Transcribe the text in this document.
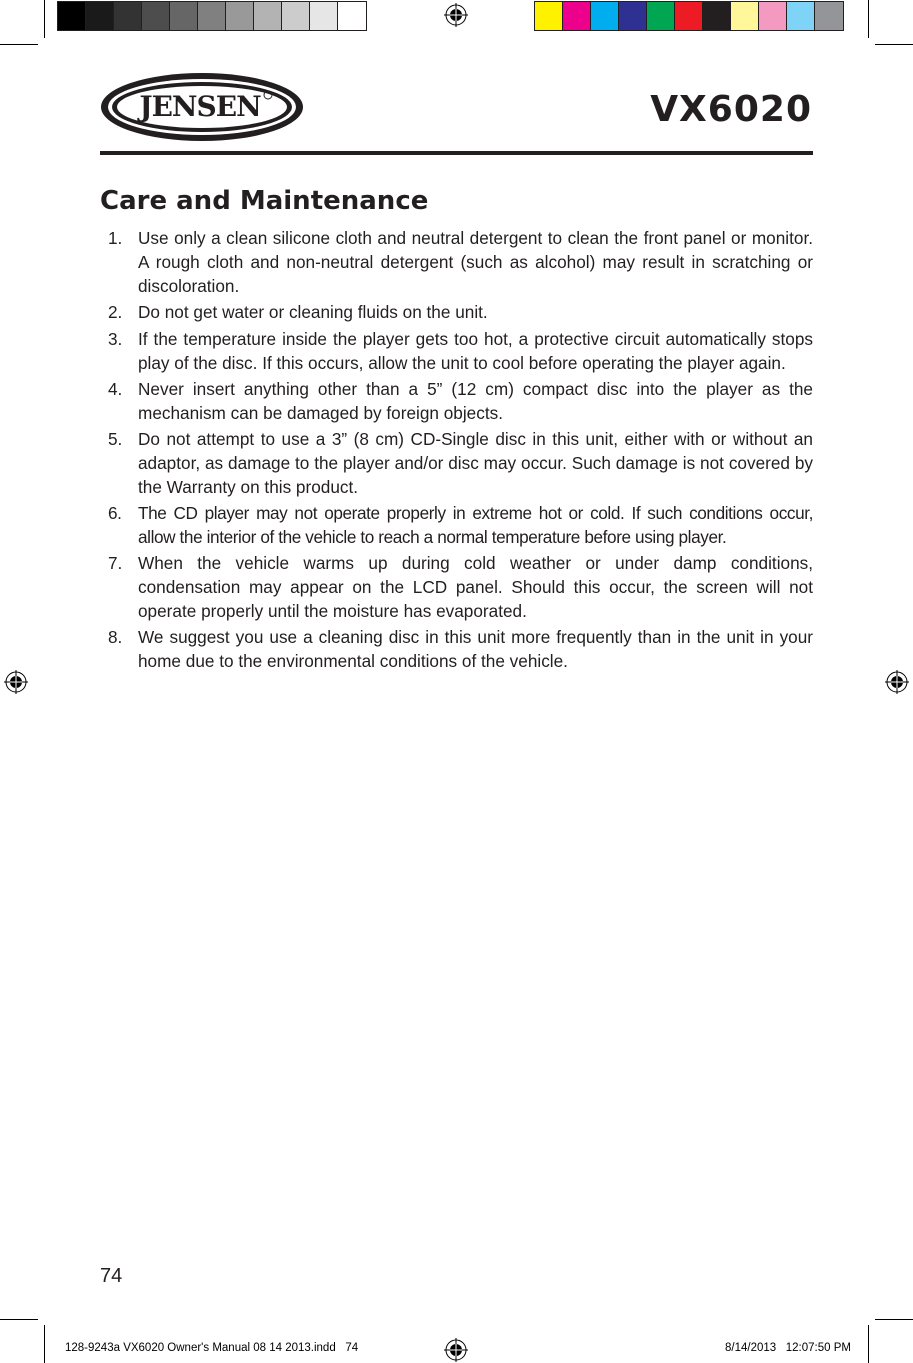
JENSEN	VX6020
Care and Maintenance
1. Use only a clean silicone cloth and neutral detergent to clean the front panel or monitor. A rough cloth and non-neutral detergent (such as alcohol) may result in scratching or discoloration.
2. Do not get water or cleaning fluids on the unit.
3. If the temperature inside the player gets too hot, a protective circuit automatically stops play of the disc. If this occurs, allow the unit to cool before operating the player again.
4. Never insert anything other than a 5” (12 cm) compact disc into the player as the mechanism can be damaged by foreign objects.
5. Do not attempt to use a 3” (8 cm) CD-Single disc in this unit, either with or without an adaptor, as damage to the player and/or disc may occur. Such damage is not covered by the Warranty on this product.
6. The CD player may not operate properly in extreme hot or cold. If such conditions occur, allow the interior of the vehicle to reach a normal temperature before using player.
7. When the vehicle warms up during cold weather or under damp conditions, condensation may appear on the LCD panel. Should this occur, the screen will not operate properly until the moisture has evaporated.
8. We suggest you use a cleaning disc in this unit more frequently than in the unit in your home due to the environmental conditions of the vehicle.
74
128-9243a VX6020 Owner's Manual 08 14 2013.indd   74	8/14/2013   12:07:50 PM
